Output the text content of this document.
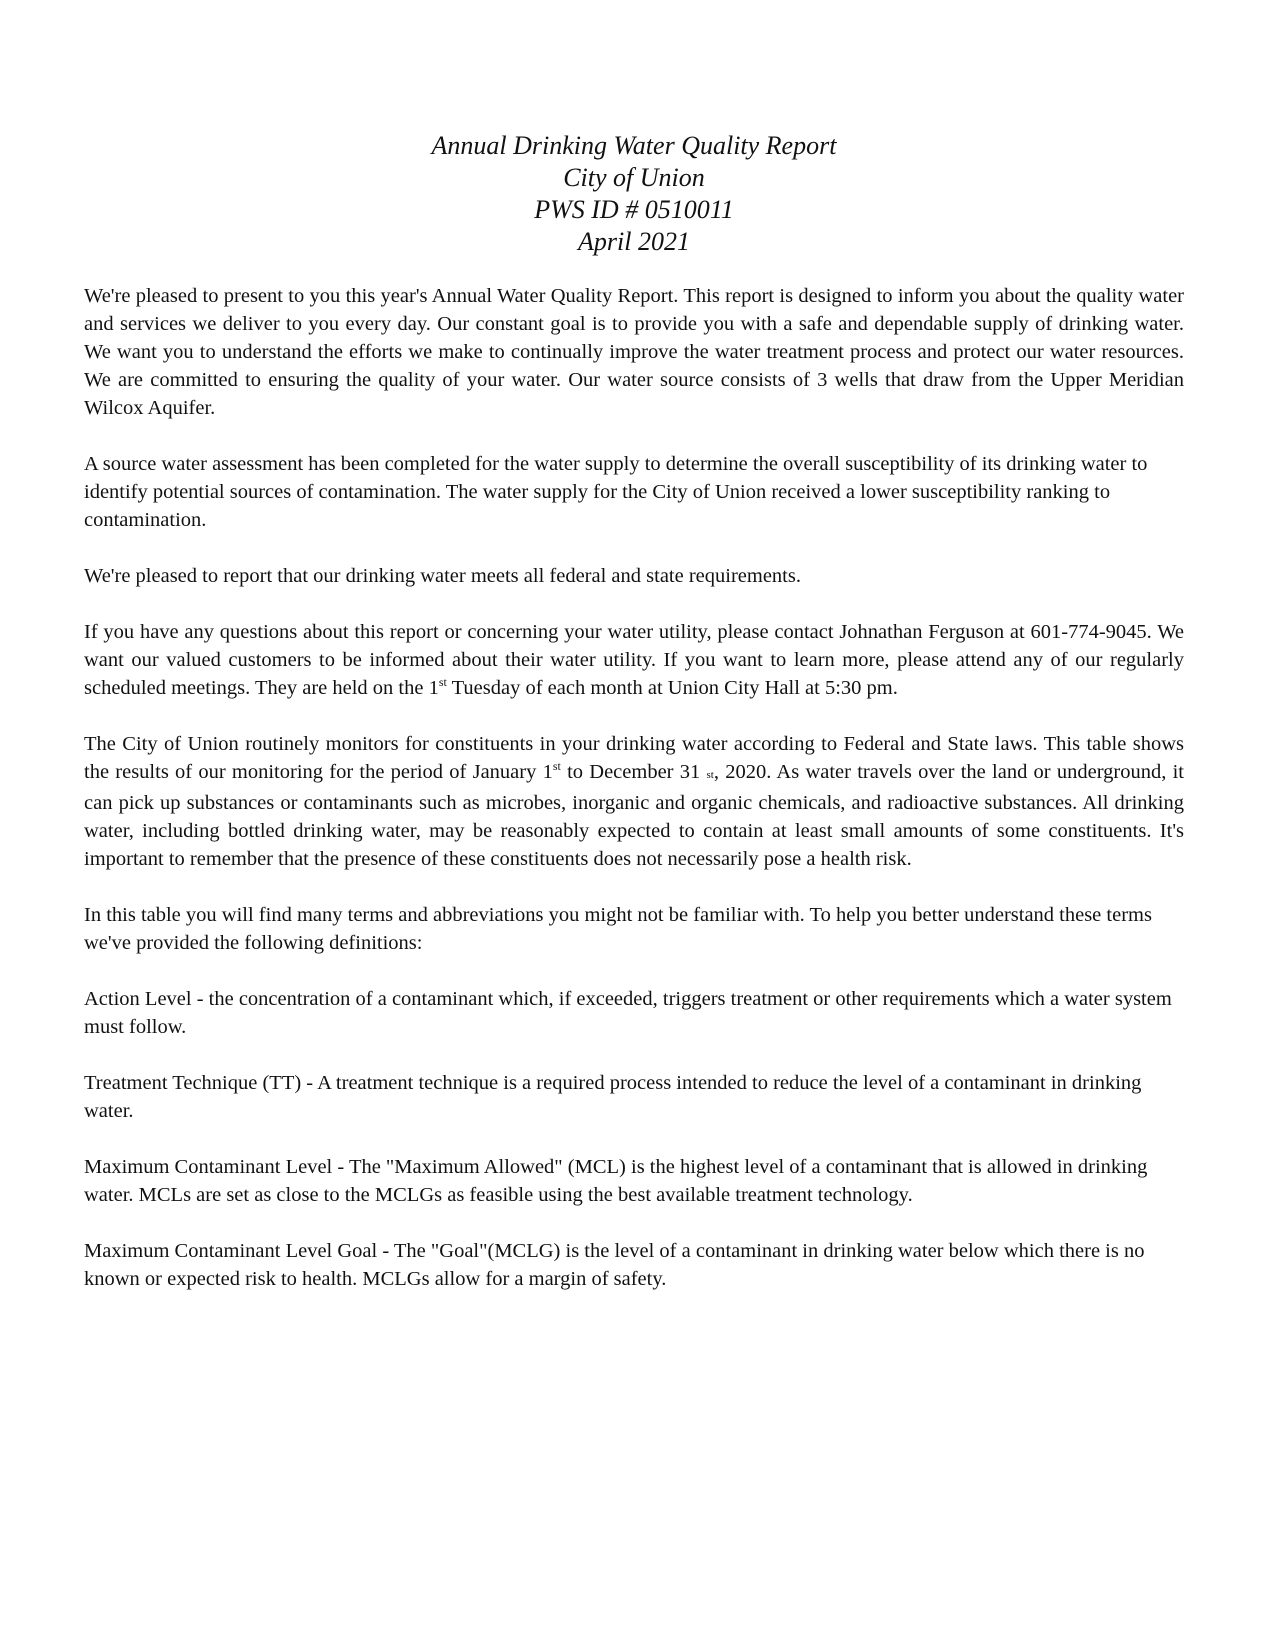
Annual Drinking Water Quality Report
City of Union
PWS ID # 0510011
April 2021

We're pleased to present to you this year's Annual Water Quality Report. This report is designed to inform you about the quality water and services we deliver to you every day. Our constant goal is to provide you with a safe and dependable supply of drinking water. We want you to understand the efforts we make to continually improve the water treatment process and protect our water resources. We are committed to ensuring the quality of your water. Our water source consists of 3 wells that draw from the Upper Meridian Wilcox Aquifer.

A source water assessment has been completed for the water supply to determine the overall susceptibility of its drinking water to identify potential sources of contamination. The water supply for the City of Union received a lower susceptibility ranking to contamination.

We're pleased to report that our drinking water meets all federal and state requirements.

If you have any questions about this report or concerning your water utility, please contact Johnathan Ferguson at 601-774-9045. We want our valued customers to be informed about their water utility. If you want to learn more, please attend any of our regularly scheduled meetings. They are held on the 1st Tuesday of each month at Union City Hall at 5:30 pm.

The City of Union routinely monitors for constituents in your drinking water according to Federal and State laws. This table shows the results of our monitoring for the period of January 1st to December 31 st, 2020. As water travels over the land or underground, it can pick up substances or contaminants such as microbes, inorganic and organic chemicals, and radioactive substances. All drinking water, including bottled drinking water, may be reasonably expected to contain at least small amounts of some constituents. It's important to remember that the presence of these constituents does not necessarily pose a health risk.

In this table you will find many terms and abbreviations you might not be familiar with. To help you better understand these terms we've provided the following definitions:

Action Level - the concentration of a contaminant which, if exceeded, triggers treatment or other requirements which a water system must follow.

Treatment Technique (TT) - A treatment technique is a required process intended to reduce the level of a contaminant in drinking water.

Maximum Contaminant Level - The "Maximum Allowed" (MCL) is the highest level of a contaminant that is allowed in drinking water. MCLs are set as close to the MCLGs as feasible using the best available treatment technology.

Maximum Contaminant Level Goal - The "Goal"(MCLG) is the level of a contaminant in drinking water below which there is no known or expected risk to health. MCLGs allow for a margin of safety.
